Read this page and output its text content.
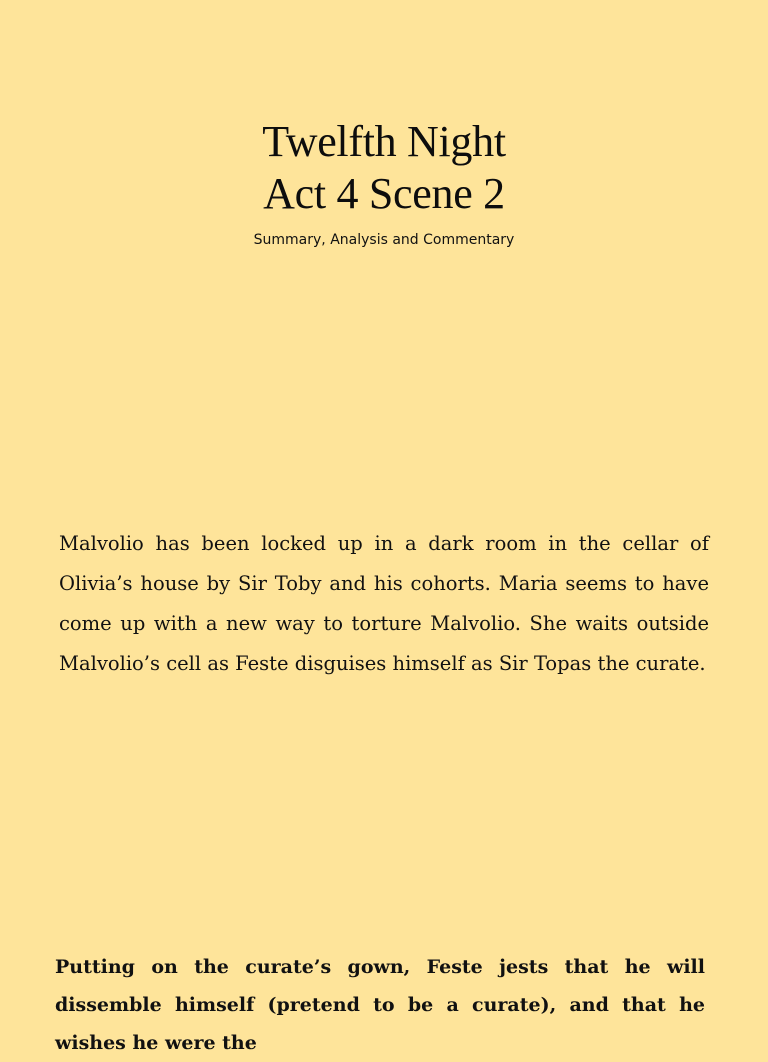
Twelfth Night
Act 4 Scene 2
Summary, Analysis and Commentary

Malvolio has been locked up in a dark room in the cellar of Olivia’s house by Sir Toby and his cohorts. Maria seems to have come up with a new way to torture Malvolio. She waits outside Malvolio’s cell as Feste disguises himself as Sir Topas the curate.

Putting on the curate’s gown, Feste jests that he will dissemble himself (pretend to be a curate), and that he wishes he were the
